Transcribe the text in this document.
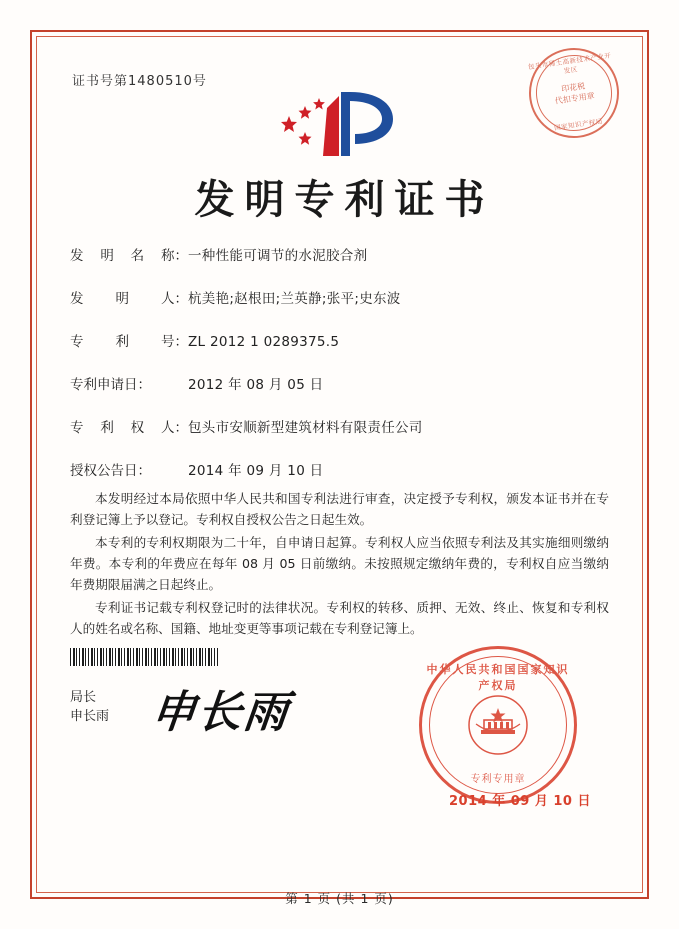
证书号第1480510号
包头市稀土高新技术产业开发区
印花税
代扣专用章
国家知识产权局
发明专利证书
发 明 名 称： 一种性能可调节的水泥胶合剂
发 明 人： 杭美艳;赵根田;兰英静;张平;史东波
专 利 号： ZL 2012 1 0289375.5
专利申请日：	2012 年 08 月 05 日
专 利 权 人： 包头市安顺新型建筑材料有限责任公司
授权公告日：	2014 年 09 月 10 日

本发明经过本局依照中华人民共和国专利法进行审查，决定授予专利权，颁发本证书并在专利登记簿上予以登记。专利权自授权公告之日起生效。

本专利的专利权期限为二十年，自申请日起算。专利权人应当依照专利法及其实施细则缴纳年费。本专利的年费应在每年 08 月 05 日前缴纳。未按照规定缴纳年费的，专利权自应当缴纳年费期限届满之日起终止。

专利证书记载专利权登记时的法律状况。专利权的转移、质押、无效、终止、恢复和专利权人的姓名或名称、国籍、地址变更等事项记载在专利登记簿上。

局长
申长雨 申长雨
中华人民共和国国家知识产权局
专利专用章
2014 年 09 月 10 日
第 1 页 (共 1 页)
